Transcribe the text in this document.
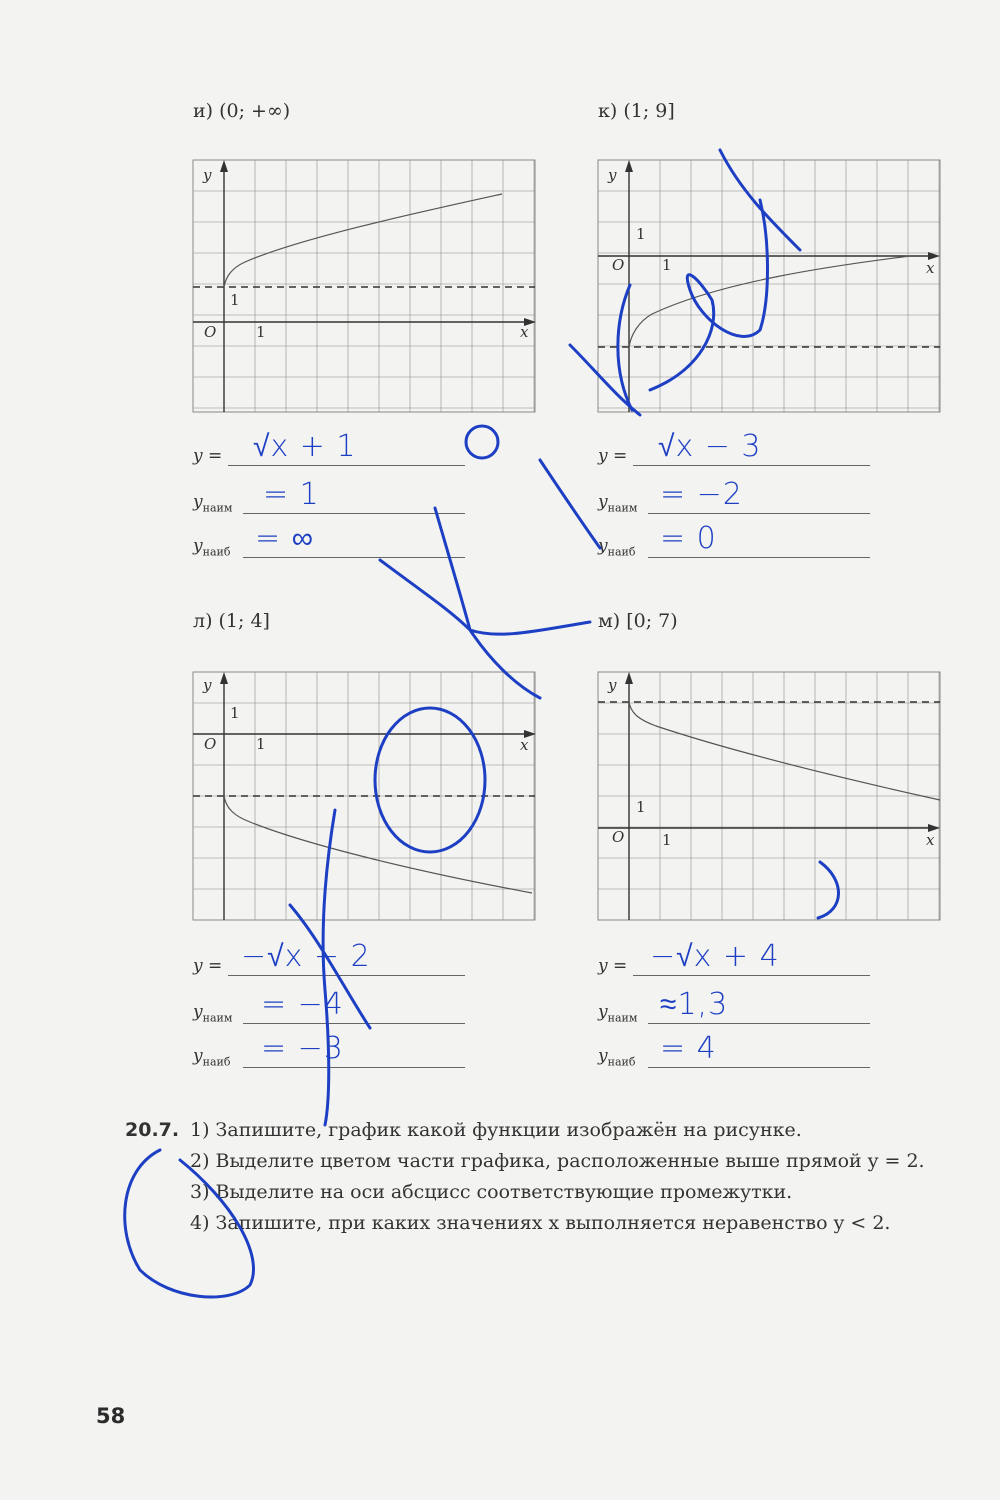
и) (0; +∞)
y
x
O	1
1
к) (1; 9]
y
x
O	1
1
л) (1; 4]
y
x
O	1
1
м) [0; 7)
y
x
O	1
1
y = √x + 1
$y_{наим} = 1$
$y_{наиб}$ = ∞
y = √x − 3
$y_{наим} = -2$
$y_{наиб} = 0$
y = −√x − 2
$y_{наим} = -4$
$y_{наиб} = -3$
y = −√x + 4
$y_{наим} \approx 1,3$
$y_{наиб} = 4$
20.7. 1) Запишите, график какой функции изображён на рисунке.
2) Выделите цветом части графика, расположенные выше прямой y = 2.
3) Выделите на оси абсцисс соответствующие промежутки.
4) Запишите, при каких значениях x выполняется неравенство y < 2.
58
